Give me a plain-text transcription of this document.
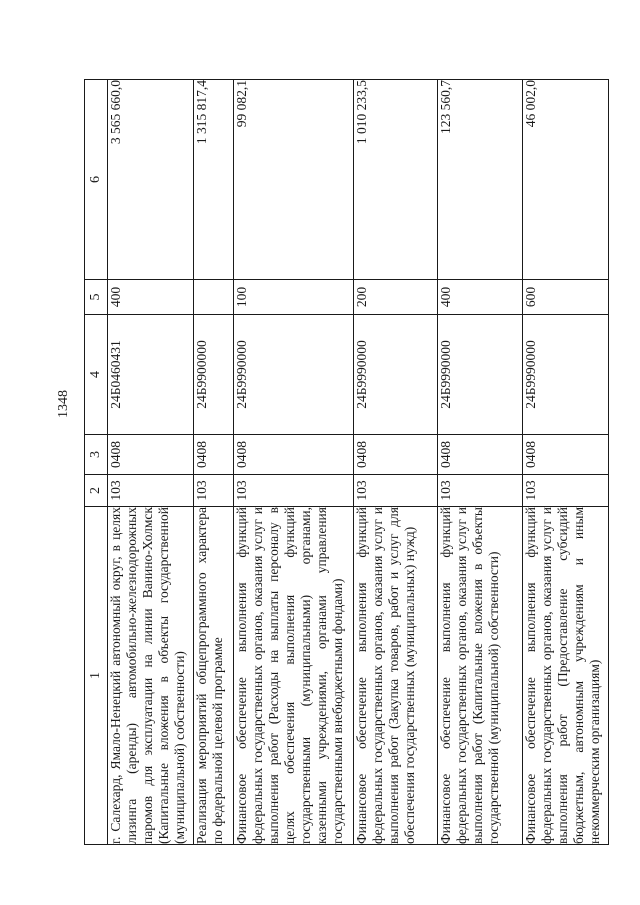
1348
1	2	3	4	5	6
г. Салехард, Ямало-Ненецкий автономный округ, в целях лизинга (аренды) автомобильно-железнодорожных паромов для эксплуатации на линии Ванино-Холмск (Капитальные вложения в объекты государственной (муниципальной) собственности)	103	0408	24Б0460431	400	3 565 660,0
Реализация мероприятий общепрограммного характера по федеральной целевой программе	103	0408	24Б9900000		1 315 817,4
Финансовое обеспечение выполнения функций федеральных государственных органов, оказания услуг и выполнения работ (Расходы на выплаты персоналу в целях обеспечения выполнения функций государственными (муниципальными) органами, казенными учреждениями, органами управления государственными внебюджетными фондами)	103	0408	24Б9990000	100	99 082,1
Финансовое обеспечение выполнения функций федеральных государственных органов, оказания услуг и выполнения работ (Закупка товаров, работ и услуг для обеспечения государственных (муниципальных) нужд)	103	0408	24Б9990000	200	1 010 233,5
Финансовое обеспечение выполнения функций федеральных государственных органов, оказания услуг и выполнения работ (Капитальные вложения в объекты государственной (муниципальной) собственности)	103	0408	24Б9990000	400	123 560,7
Финансовое обеспечение выполнения функций федеральных государственных органов, оказания услуг и выполнения работ (Предоставление субсидий бюджетным, автономным учреждениям и иным некоммерческим организациям)	103	0408	24Б9990000	600	46 002,0
